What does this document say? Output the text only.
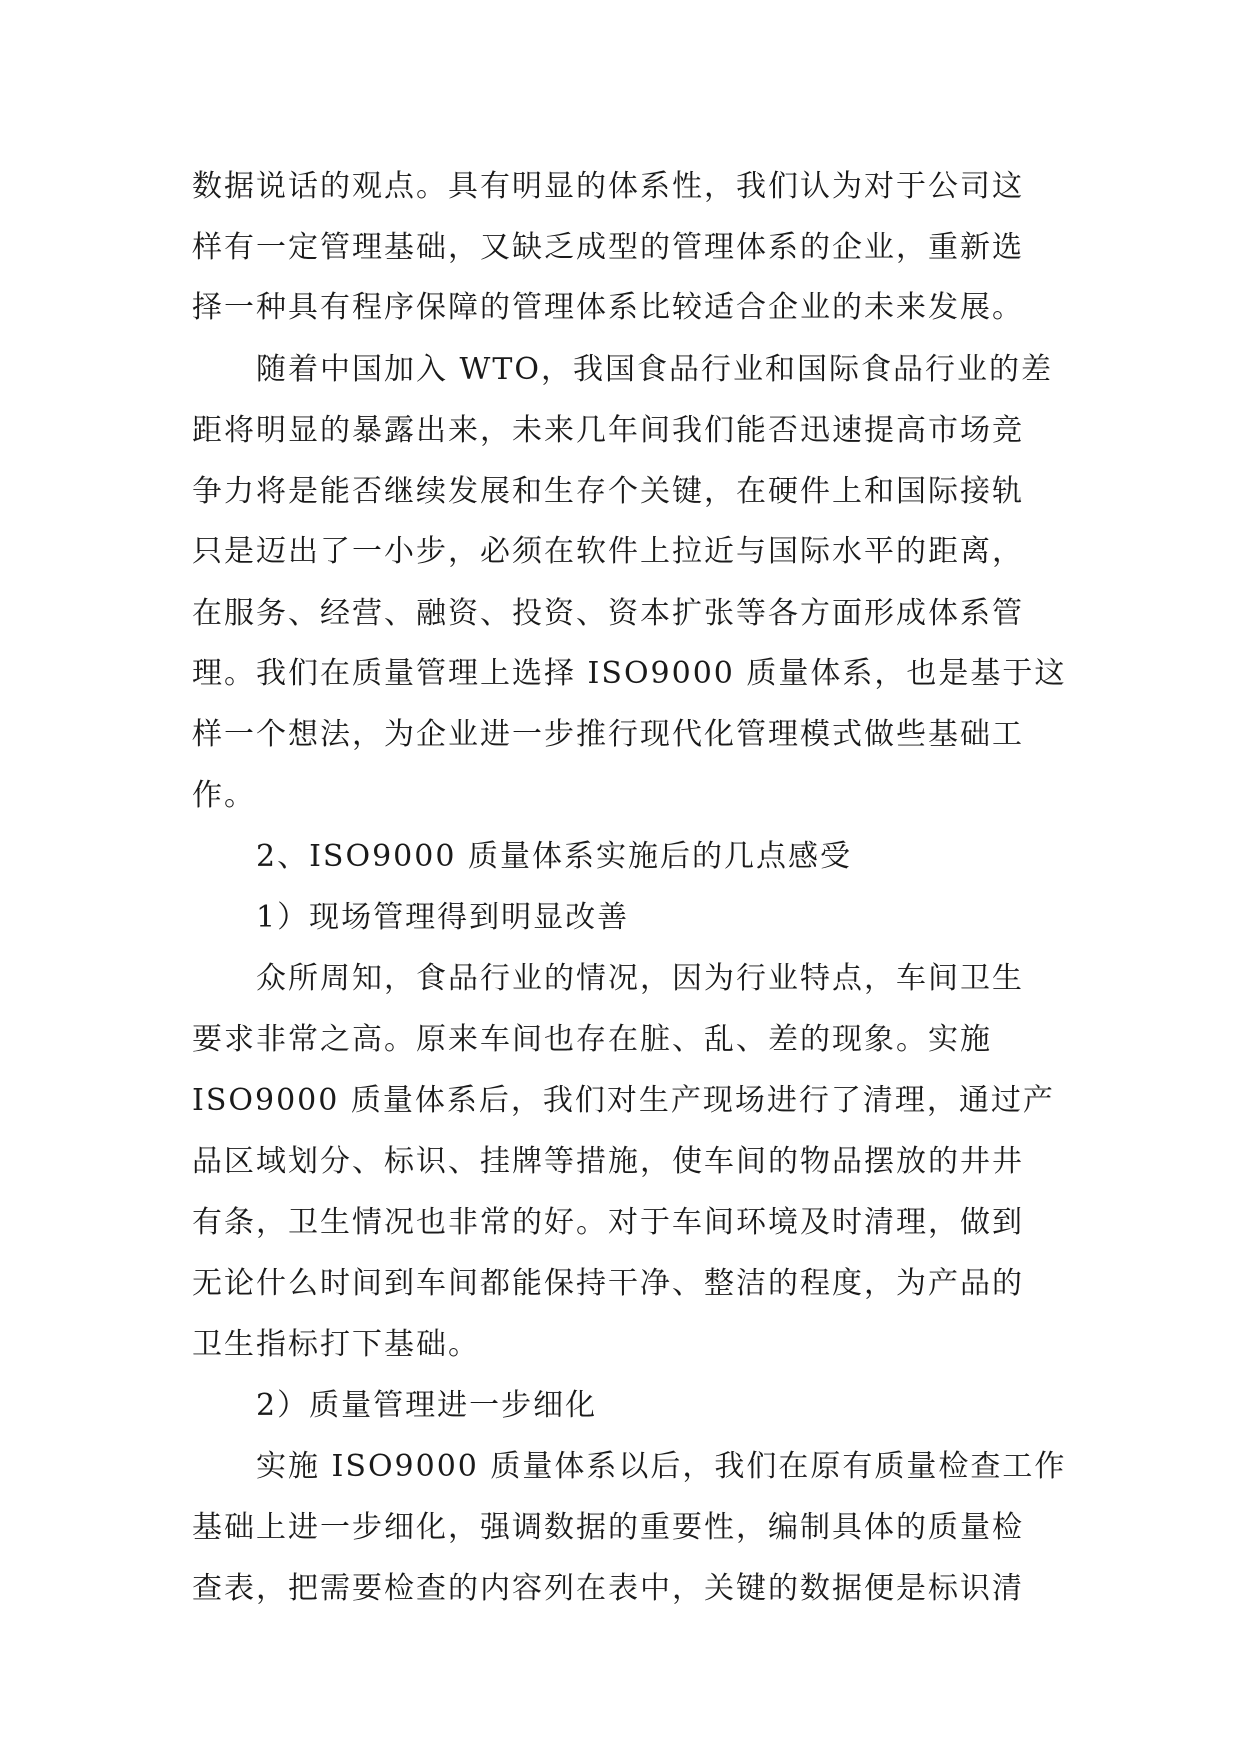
数据说话的观点。具有明显的体系性，我们认为对于公司这
样有一定管理基础，又缺乏成型的管理体系的企业，重新选
择一种具有程序保障的管理体系比较适合企业的未来发展。
随着中国加入 WTO，我国食品行业和国际食品行业的差
距将明显的暴露出来，未来几年间我们能否迅速提高市场竞
争力将是能否继续发展和生存个关键，在硬件上和国际接轨
只是迈出了一小步，必须在软件上拉近与国际水平的距离，
在服务、经营、融资、投资、资本扩张等各方面形成体系管
理。我们在质量管理上选择 ISO9000 质量体系，也是基于这
样一个想法，为企业进一步推行现代化管理模式做些基础工
作。
2、ISO9000 质量体系实施后的几点感受
1）现场管理得到明显改善
众所周知，食品行业的情况，因为行业特点，车间卫生
要求非常之高。原来车间也存在脏、乱、差的现象。实施
ISO9000 质量体系后，我们对生产现场进行了清理，通过产
品区域划分、标识、挂牌等措施，使车间的物品摆放的井井
有条，卫生情况也非常的好。对于车间环境及时清理，做到
无论什么时间到车间都能保持干净、整洁的程度，为产品的
卫生指标打下基础。
2）质量管理进一步细化
实施 ISO9000 质量体系以后，我们在原有质量检查工作
基础上进一步细化，强调数据的重要性，编制具体的质量检
查表，把需要检查的内容列在表中，关键的数据便是标识清
